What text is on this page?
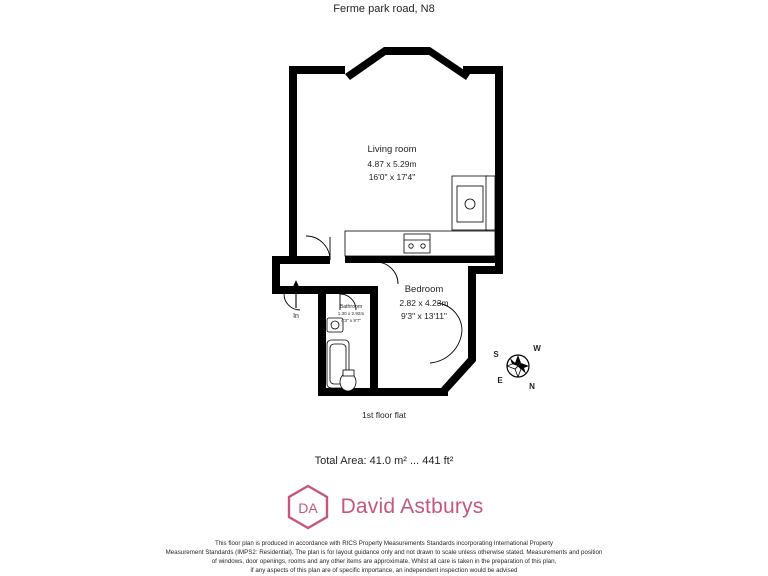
Ferme park road, N8
Living room
4.87 x 5.29m
16'0" x 17'4"
Bedroom
2.82 x 4.23m
9'3" x 13'11"
Bathroom
1.30 x 2.92m
4'3" x 9'7"
In
S
W
E
N
1st floor flat
Total Area: 41.0 m² ... 441 ft²
DA David Astburys
This floor plan is produced in accordance with RICS Property Measurements Standards incorporating International Property
Measurement Standards (IMPS2: Residential). The plan is for layout guidance only and not drawn to scale unless otherwise stated. Measurements and position
of windows, door openings, rooms and any other items are approximate. Whilst all care is taken in the preparation of this plan,
if any aspects of this plan are of specific importance, an independent inspection would be advised
